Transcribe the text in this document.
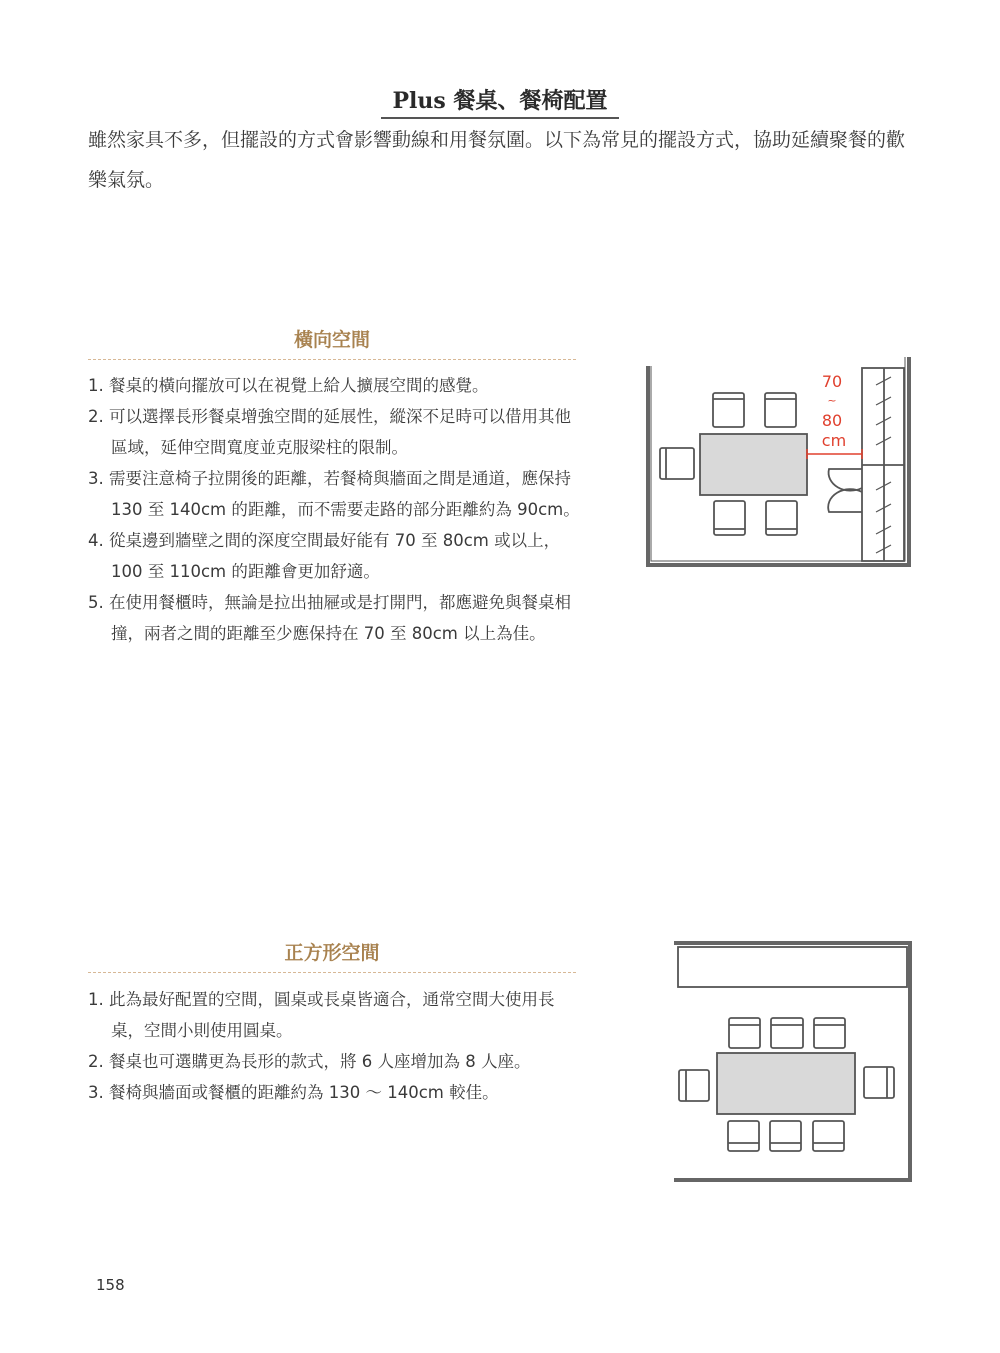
Plus 餐桌、餐椅配置
雖然家具不多，但擺設的方式會影響動線和用餐氛圍。以下為常見的擺設方式，協助延續聚餐的歡樂氣氛。
橫向空間
1. 餐桌的橫向擺放可以在視覺上給人擴展空間的感覺。
2. 可以選擇長形餐桌增強空間的延展性，縱深不足時可以借用其他區域，延伸空間寬度並克服梁柱的限制。
3. 需要注意椅子拉開後的距離，若餐椅與牆面之間是通道，應保持 130 至 140cm 的距離，而不需要走路的部分距離約為 90cm。
4. 從桌邊到牆壁之間的深度空間最好能有 70 至 80cm 或以上，100 至 110cm 的距離會更加舒適。
5. 在使用餐櫃時，無論是拉出抽屜或是打開門，都應避免與餐桌相撞，兩者之間的距離至少應保持在 70 至 80cm 以上為佳。
正方形空間
1. 此為最好配置的空間，圓桌或長桌皆適合，通常空間大使用長桌，空間小則使用圓桌。
2. 餐桌也可選購更為長形的款式，將 6 人座增加為 8 人座。
3. 餐椅與牆面或餐櫃的距離約為 130 ～ 140cm 較佳。
70
~
80
cm
158
